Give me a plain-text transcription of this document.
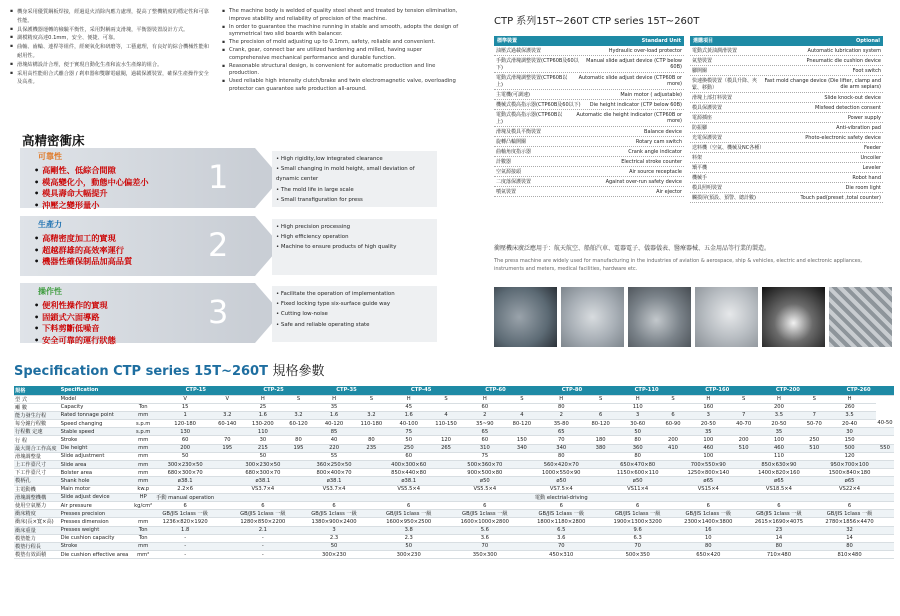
▪ 機身采用優質鋼板焊接，經過退火消除內應力處理，提高了整機精度的穩定性和可靠性能。
▪ 具保護機器運轉的檢驗平衡性，采用對稱兩支滑塊，平衡器裝置設計方式。
▪ 調模精度高達0.1mm，安全、便捷、可靠。
▪ 曲軸、齒輪、連桿等組件，經硬氧化和研磨等，工藝處理，有良好的綜合機械性能和耐用性。
▪ 滑塊結構設計合理，便于實現自動化生產和流水生產線的組合。
▪ 采用高性能組合式離合器 / 剎車器和雙聯電磁閥，過載保護裝置，確保生產操作安全及高產。
▪ The machine body is welded of quality steel sheet and treated by tension elimination, improve stability and reliability of precision of the machine.
▪ In order to guarantee the machine running in stable and smooth, adopts the design of symmetrical two slid boards with balancer.
▪ The precision of mold adjusting up to 0.1mm, safety, reliable and convenient.
▪ Crank, gear, connect bar are utilized hardening and milled, having super comprehensive mechanical performance and durable function.
▪ Reasonable structural design, is convenient for automatic production and line production.
▪ Used reliable high intensity clutch/brake and twin electromagnetic valve, overloading protector can guarantee safe production all-around.
高精密衝床
可靠性
• 高剛性、低綜合間隙
• 模高變化小，動態中心偏差小
• 模具壽命大幅提升
• 沖壓之變形量小
1	• High rigidity,low integrated clearance
• Small changing in mold height, small deviation of dynamic center
• The mold life in large scale
• Small transfiguration for press
生產力
• 高精密度加工的實現
• 超越群雄的高效率運行
• 機器性確保制品加高品質 2	• High precision processing
• High efficiency operation
• Machine to ensure products of high quality
操作性
• 便利性操作的實現
• 固鎖式六面導路
• 下料剪斷低噪音
• 安全可靠的運行狀態
3	• Facilitate the operation of implementation
• Fixed locking type six-surface guide way
• Cutting low-noise
• Safe and reliable operating state
CTP 系列15T~260T CTP series 15T~260T
標準裝置	Standard Unit
油壓式過載保護裝置	Hydraulic over-load protector
手動式滑塊調整裝置(CTP60B及60以下)
Manual slide adjust device (CTP below 60B)
電動式滑塊調整裝置(CTP60B以上)
Automatic slide adjust device (CTP60B or more)
主電機(可調速)	Main motor ( adjustable)
機械式模高指示器(CTP60B及60以下) Die height indicator (CTP below 60B)
電動式模高指示器(CTP60B以上)
Automatic die height indicator (CTP60B or more)
滑塊及模具平衡裝置	Balance device
旋轉凸輪開關	Rotary cam switch
曲軸角度指示器	Crank angle indicator
計數器	Electrical stroke counter
空氣源接頭	Air source receptacle
二度落保護裝置	Against over-run safety device
噴氣裝置	Air ejector
選購項目	Optional
電動式黃油潤滑裝置	Automatic lubrication system
氣墊裝置	Pneumatic die cushion device
腳開關	Foot switch
快速換模裝置（模具升降、夾緊、移動）
Fast mold change device (Die lifter, clamp and die arm sepiars)
滑塊上部打料裝置	Slide knock-out device
模具保護裝置	Misfeed detection consent
電源插座	Power supply
防振腳	Anti-vibration pad
光電保護裝置	Photo-electronic safety device
送料機（空氣、機械及NC各種）	Feeder
料架	Uncoiler
矯平機	Leveler
機械手	Robot hand
模具照明裝置	Die room light
觸摸屏(預設、預警、總計數)	Touch pad(preset ,total counter)
衝壓機床廣泛應用于：航天航空、船舶汽車、電器電子、儀器儀表、醫療器械、五金用品等行業的製造。
The press machine are widely used for manufacturing in the industries of aviation & aerospace, ship & vehicles, electric and electronic appliances, instruments and meters, medical facilities, hardware etc.
Specification CTP series 15T~260T 規格參數
規格	Specification		CTP-15		CTP-25		CTP-35		CTP-45		CTP-60		CTP-80		CTP-110		CTP-160		CTP-200		CTP-260	
型 式	Model		V	V	H	S	H	S	H	S	H	S	H	S	H	S	H	S	H	S	H	
噸 數	Capacity	Ton	15		25		35		45		60		80		110		160		200		260	
能力發生行程	Rated tonnage point	mm	1	3.2	1.6	3.2	1.6	3.2	1.6	4	2	4	2	6	3	6	3	7	3.5	7	3.5	
每分鐘行程數	Speed changing	s.p.m	120-180	60-140	130-200	60-120	40-120	110-180	40-100	110-150	35~90	80-120	35-80	80-120	30-60	60-90	20-50	40-70	20-50	50-70	20-40	40-50
行程數 定速	Stable speed	s.p.m	130		110		85		75		65		65		50		35		35		30	
行 程	Stroke	mm	60	70	30	80	40	80	50	120	60	150	70	180	80	200	100	200	100	250	150	
最大閉合工作高度	Die height	mm	200	195	215	195	220	235	250	265	310	340	340	380	360	410	460	510	460	510	500	550
滑塊調整量	Slide adjustment	mm	50		50		55		60		75		80		80		100		110		120	
上工作臺尺寸	Slide area	mm	300×230×50		300×230×50		360×250×50		400×300×60		500×360×70		560×420×70		650×470×80		700×550×90		850×630×90		950×700×100	
下工作臺尺寸	Bolster area	mm	680×300×70		680×300×70		800×400×70		850×440×80		900×500×80		1000×550×90		1150×600×110		1250×800×140		1400×820×160		1500×840×180	
模柄孔	Shank hole	mm	ø38.1		ø38.1		ø38.1		ø38.1		ø50		ø50		ø50		ø65		ø65		ø65	
主電動機	Main motor	kw.p	2.2×6		VS3.7×4		VS3.7×4		VS5.5×4		VS5.5×4		VS7.5×4		VS11×4		VS15×4		VS18.5×4		VS22×4	
滑塊調整機構	Slide adjust device	HP	手動 manual operation										電動 electrial-driving									
使用空氣壓力	Air pressure	kg/cm²	6		6		6		6		6		6		6		6		6		6	
衝床精度	Presses precision		GB/JIS 1class 一級		GB/JIS 1class 一級		GB/JIS 1class 一級		GB/JIS 1class 一級		GB/JIS 1class 一級		GB/JIS 1class 一級		GB/JIS 1class 一級		GB/JIS 1class 一級		GB/JIS 1class 一級		GB/JIS 1class 一級	
衝床(長×寬×高)	Presses dimension	mm	1236×820×1920		1280×850×2200		1380×900×2400		1600×950×2500		1600×1000×2800		1800×1180×2800		1900×1300×3200		2300×1400×3800		2615×1690×4075		2780×1856×4470	
衝床重量	Presses weight	Ton	1.8		2.1		3		3.8		5.6		6.5		9.6		16		23		32	
模墊能力	Die cushion capacity	Ton	-		-		2.3		2.3		3.6		3.6		6.3		10		14		14	
模墊行程長	Stroke	mm	-		-		50		50		70		70		70		80		80		80	
模墊有效面積	Die cushion effective area	mm²	-		-		300×230		300×230		350×300		450×310		500×350		650×420		710×480		810×480	
